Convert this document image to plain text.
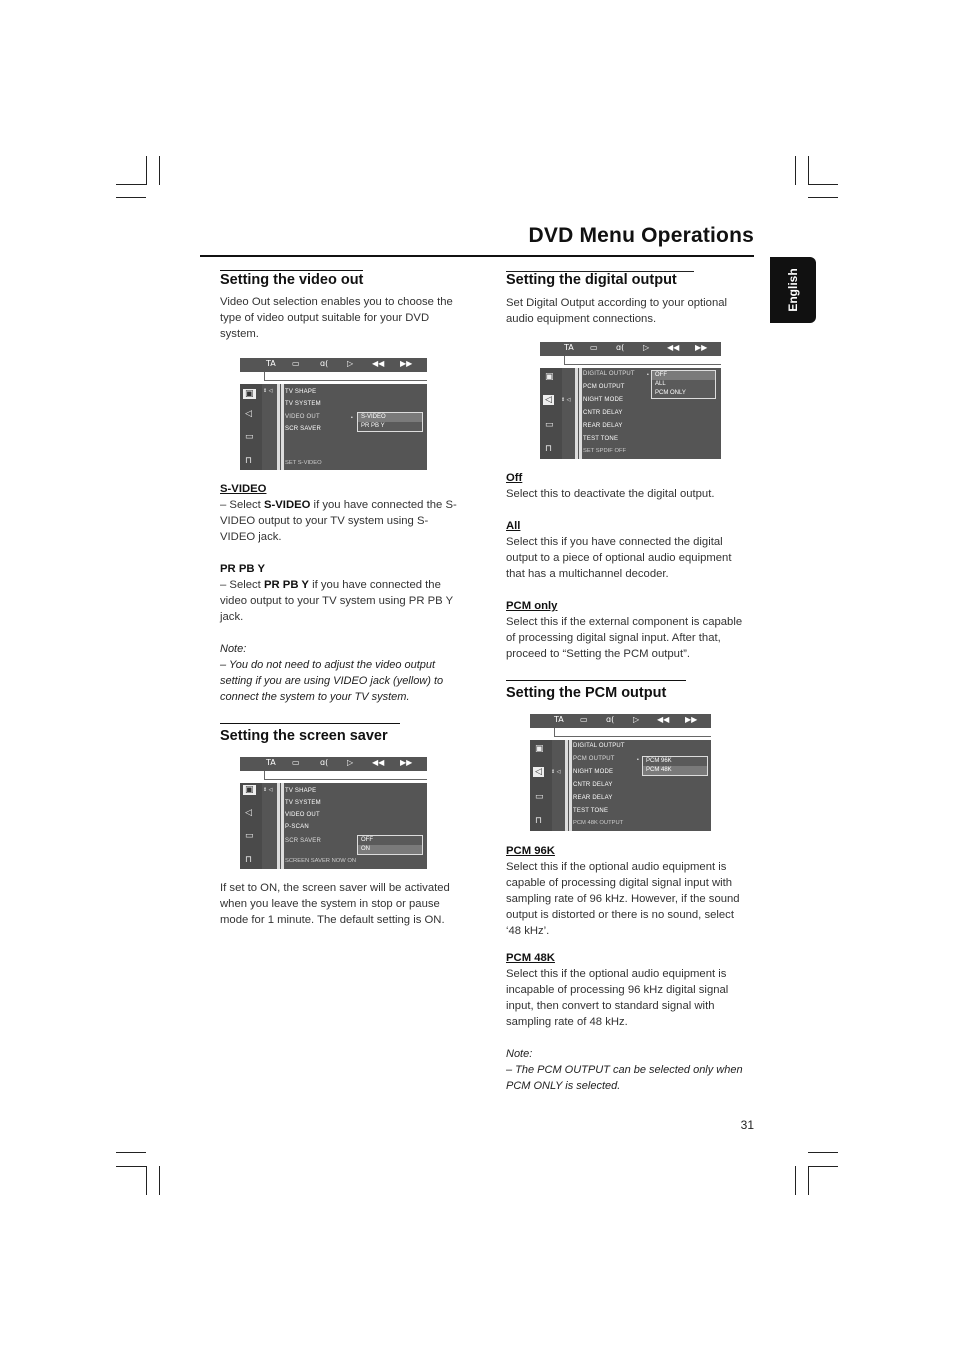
DVD Menu Operations
English
Setting the video out

Video Out selection enables you to choose the type of video output suitable for your DVD system.

TA ▭	ɑ( ▷ ◀◀ ▶▶
▣
◁
▭
⊓
⇕ ◁ TV SHAPE
TV SYSTEM
VIDEO OUT
SCR SAVER
SET S-VIDEO
•	S-VIDEO
PR PB Y

S-VIDEO

– Select S-VIDEO if you have connected the S-VIDEO output to your TV system using S-VIDEO jack.

PR PB Y

– Select PR PB Y if you have connected the video output to your TV system using PR PB Y jack.

Note:

– You do not need to adjust the video output setting if you are using VIDEO jack (yellow) to connect the system to your TV system.

Setting the screen saver
TA ▭	ɑ( ▷ ◀◀ ▶▶
▣
◁
▭
⊓
⇕ ◁ TV SHAPE
TV SYSTEM
VIDEO OUT
P-SCAN
SCR SAVER
SCREEN SAVER NOW ON
OFF
ON

If set to ON, the screen saver will be activated when you leave the system in stop or pause mode for 1 minute. The default setting is ON.

Setting the digital output

Set Digital Output according to your optional audio equipment connections.

TA ▭ ɑ( ▷ ◀◀ ▶▶
▣
◁
▭
⊓
⇕ ◁
DIGITAL OUTPUT
PCM OUTPUT
NIGHT MODE
CNTR DELAY
REAR DELAY
TEST TONE
SET SPDIF OFF
•	OFF
ALL
PCM ONLY

Off

Select this to deactivate the digital output.

All

Select this if you have connected the digital output to a piece of optional audio equipment that has a multichannel decoder.

PCM only

Select this if the external component is capable of processing digital signal input. After that, proceed to “Setting the PCM output”.

Setting the PCM output
TA ▭ ɑ( ▷ ◀◀ ▶▶
▣
◁
▭
⊓
⇕ ◁
DIGITAL OUTPUT
PCM OUTPUT
NIGHT MODE
CNTR DELAY
REAR DELAY
TEST TONE
PCM 48K OUTPUT
•	PCM 96K
PCM 48K

PCM 96K

Select this if the optional audio equipment is capable of processing digital signal input with sampling rate of 96 kHz. However, if the sound output is distorted or there is no sound, select ‘48 kHz’.

PCM 48K

Select this if the optional audio equipment is incapable of processing 96 kHz digital signal input, then convert to standard signal with sampling rate of 48 kHz.

Note:

– The PCM OUTPUT can be selected only when PCM ONLY is selected.

31
